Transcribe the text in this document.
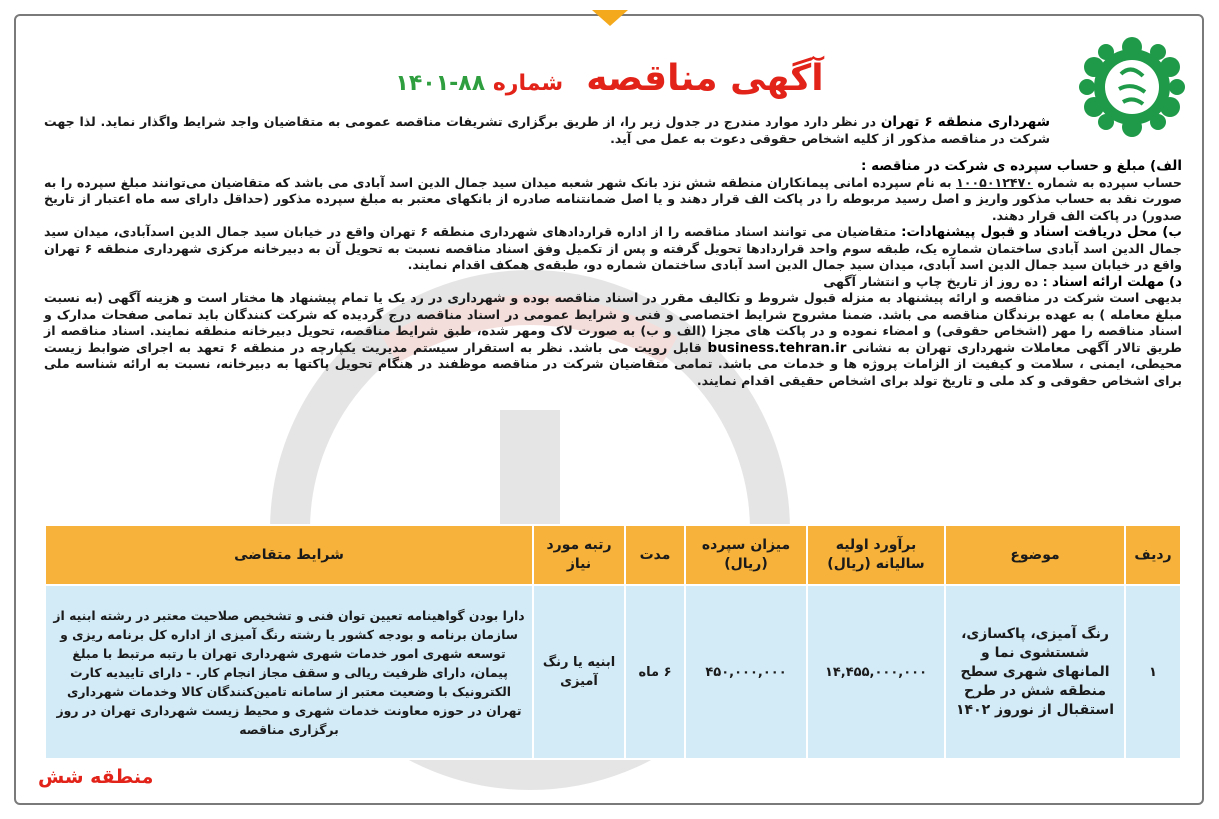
آگهی مناقصه شماره ۸۸-۱۴۰۱
شهرداری منطقه ۶ تهران در نظر دارد موارد مندرج در جدول زیر را، از طریق برگزاری تشریفات مناقصه عمومی به متقاضیان واجد شرایط واگذار نماید. لذا جهت شرکت در مناقصه مذکور از کلیه اشخاص حقوقی دعوت به عمل می آید.
الف) مبلغ و حساب سپرده ی شرکت در مناقصه :
حساب سپرده به شماره ۱۰۰۵۰۱۲۴۷۰ به نام سپرده امانی پیمانکاران منطقه شش نزد بانک شهر شعبه میدان سید جمال الدین اسد آبادی می باشد که متقاضیان می‌توانند مبلغ سپرده را به صورت نقد به حساب مذکور واریز و اصل رسید مربوطه را در پاکت الف قرار دهند و یا اصل ضمانتنامه صادره از بانکهای معتبر به مبلغ سپرده مذکور (حداقل دارای سه ماه اعتبار از تاریخ صدور) در پاکت الف قرار دهند.
ب) محل دریافت اسناد و قبول پیشنهادات: متقاضیان می توانند اسناد مناقصه را از اداره قراردادهای شهرداری منطقه ۶ تهران واقع در خیابان سید جمال الدین اسدآبادی، میدان سید جمال الدین اسد آبادی ساختمان شماره یک، طبقه سوم واحد قراردادها تحویل گرفته و پس از تکمیل وفق اسناد مناقصه نسبت به تحویل آن به دبیرخانه مرکزی شهرداری منطقه ۶ تهران واقع در خیابان سید جمال الدین اسد آبادی، میدان سید جمال الدین اسد آبادی ساختمان شماره دو، طبقه‌ی همکف اقدام نمایند.
د) مهلت ارائه اسناد : ده روز از تاریخ چاپ و انتشار آگهی
بدیهی است شرکت در مناقصه و ارائه پیشنهاد به منزله قبول شروط و تکالیف مقرر در اسناد مناقصه بوده و شهرداری در رد یک یا تمام پیشنهاد ها مختار است و هزینه آگهی (به نسبت مبلغ معامله ) به عهده برندگان مناقصه می باشد. ضمنا مشروح شرایط اختصاصی و فنی و شرایط عمومی در اسناد مناقصه درج گردیده که شرکت کنندگان باید تمامی صفحات مدارک و اسناد مناقصه را مهر (اشخاص حقوقی) و امضاء نموده و در پاکت های مجزا (الف و ب) به صورت لاک ومهر شده، طبق شرایط مناقصه، تحویل دبیرخانه منطقه نمایند. اسناد مناقصه از طریق تالار آگهی معاملات شهرداری تهران به نشانی business.tehran.ir قابل رویت می باشد. نظر به استقرار سیستم مدیریت یکپارچه در منطقه ۶ تعهد به اجرای ضوابط زیست محیطی، ایمنی ، سلامت و کیفیت از الزامات پروژه ها و خدمات می باشد. تمامی متقاضیان شرکت در مناقصه موظفند در هنگام تحویل پاکتها به دبیرخانه، نسبت به ارائه شناسه ملی برای اشخاص حقوقی و کد ملی و تاریخ تولد برای اشخاص حقیقی اقدام نمایند.
ردیف	موضوع	برآورد اولیه سالیانه (ریال)	میزان سپرده (ریال)	مدت	رتبه مورد نیاز	شرایط متقاضی
۱	رنگ آمیزی، پاکسازی، شستشوی نما و المانهای شهری سطح منطقه شش در طرح استقبال از نوروز ۱۴۰۲	۱۴,۴۵۵,۰۰۰,۰۰۰	۴۵۰,۰۰۰,۰۰۰	۶ ماه	ابنیه یا رنگ آمیزی	دارا بودن گواهینامه تعیین توان فنی و تشخیص صلاحیت معتبر در رشته ابنیه از سازمان برنامه و بودجه کشور یا رشته رنگ آمیزی از اداره کل برنامه ریزی و توسعه شهری امور خدمات شهری شهرداری تهران با رتبه مرتبط با مبلغ پیمان، دارای ظرفیت ریالی و سقف مجاز انجام کار. - دارای تاییدیه کارت الکترونیک با وضعیت معتبر از سامانه تامین‌کنندگان کالا وخدمات شهرداری تهران در حوزه معاونت خدمات شهری و محیط زیست شهرداری تهران در روز برگزاری مناقصه
منطقه شش
